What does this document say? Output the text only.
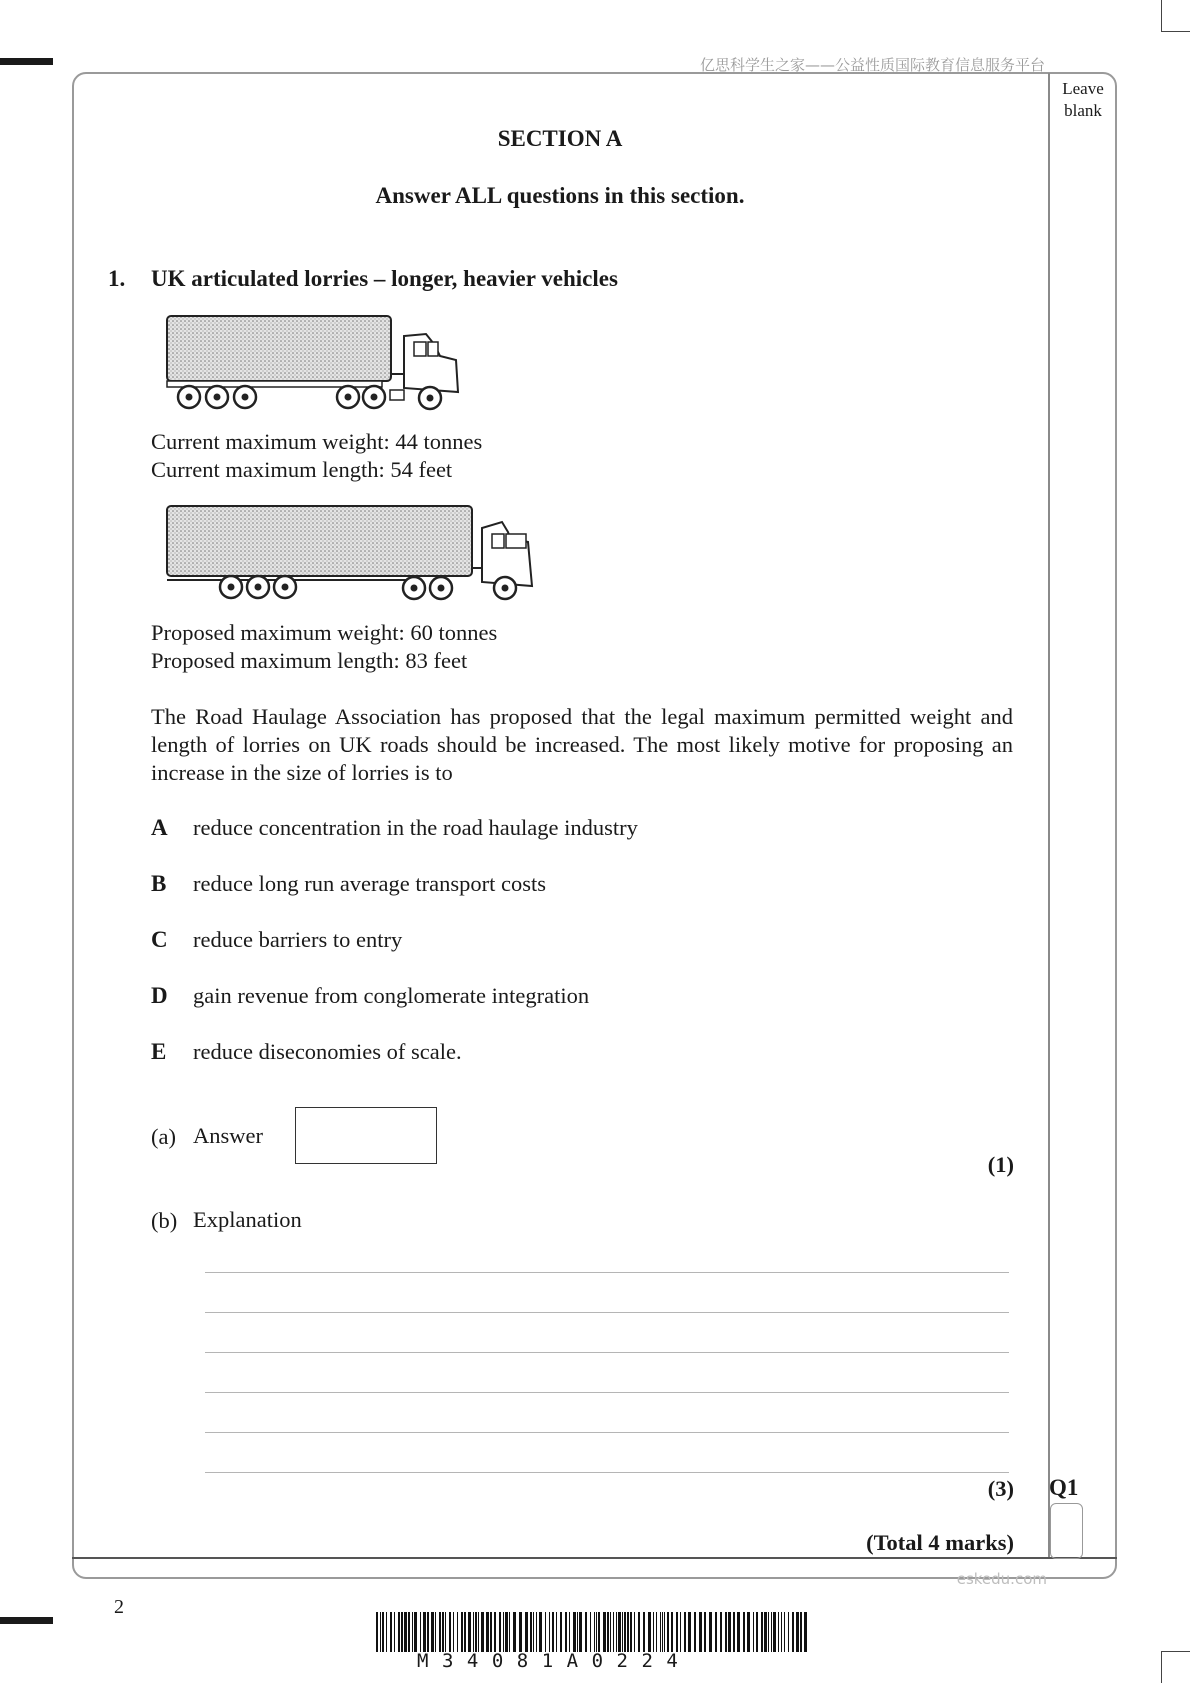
亿思科学生之家——公益性质国际教育信息服务平台
Leave blank
SECTION A
Answer ALL questions in this section.
1. UK articulated lorries – longer, heavier vehicles
Current maximum weight: 44 tonnes
Current maximum length: 54 feet
Proposed maximum weight: 60 tonnes
Proposed maximum length: 83 feet
The Road Haulage Association has proposed that the legal maximum permitted weight and length of lorries on UK roads should be increased. The most likely motive for proposing an increase in the size of lorries is to
A reduce concentration in the road haulage industry
B reduce long run average transport costs
C reduce barriers to entry
D gain revenue from conglomerate integration
E reduce diseconomies of scale.
(a) Answer
(1)
(b) Explanation
(3)
(Total 4 marks)
Q1
eskedu.com
2
M34081A0224
